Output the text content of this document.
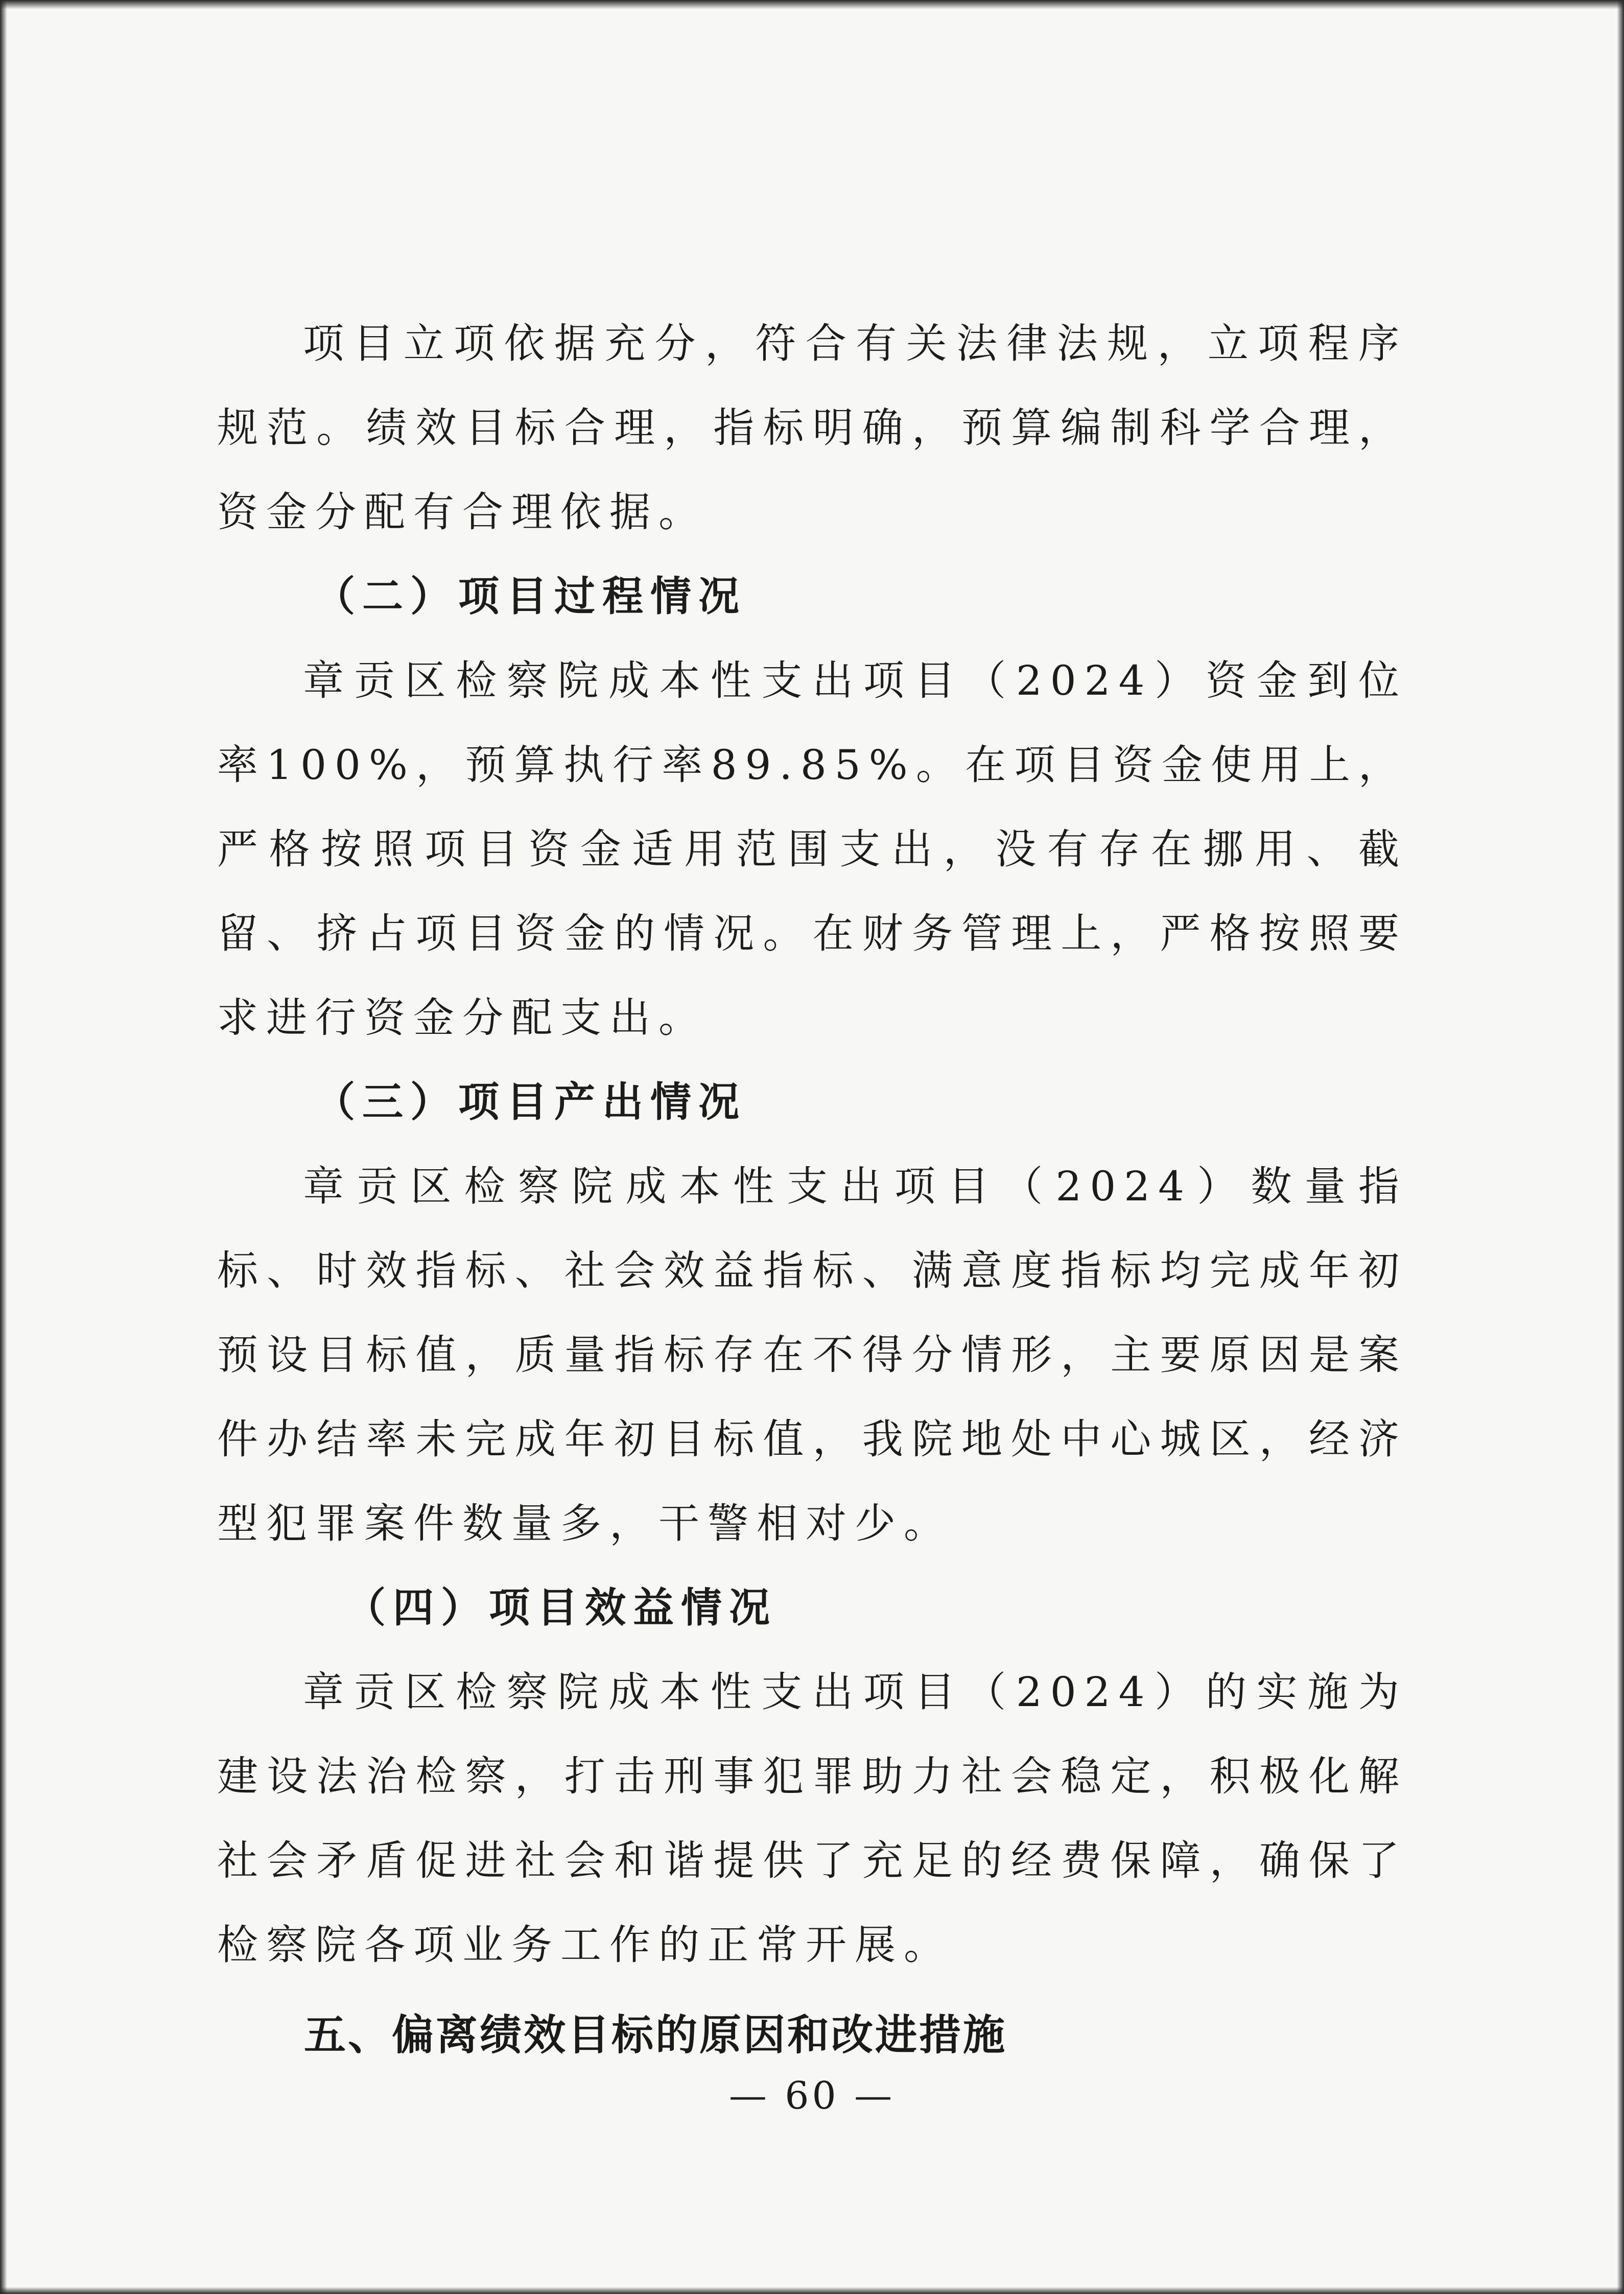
项目立项依据充分，符合有关法律法规，立项程序规范。绩效目标合理，指标明确，预算编制科学合理，资金分配有合理依据。

（二）项目过程情况

章贡区检察院成本性支出项目（2024）资金到位率100%，预算执行率89.85%。在项目资金使用上，严格按照项目资金适用范围支出，没有存在挪用、截留、挤占项目资金的情况。在财务管理上，严格按照要求进行资金分配支出。

（三）项目产出情况

章贡区检察院成本性支出项目（2024）数量指标、时效指标、社会效益指标、满意度指标均完成年初预设目标值，质量指标存在不得分情形，主要原因是案件办结率未完成年初目标值，我院地处中心城区，经济型犯罪案件数量多，干警相对少。

（四）项目效益情况

章贡区检察院成本性支出项目（2024）的实施为建设法治检察，打击刑事犯罪助力社会稳定，积极化解社会矛盾促进社会和谐提供了充足的经费保障，确保了检察院各项业务工作的正常开展。

五、偏离绩效目标的原因和改进措施

— 60 —
